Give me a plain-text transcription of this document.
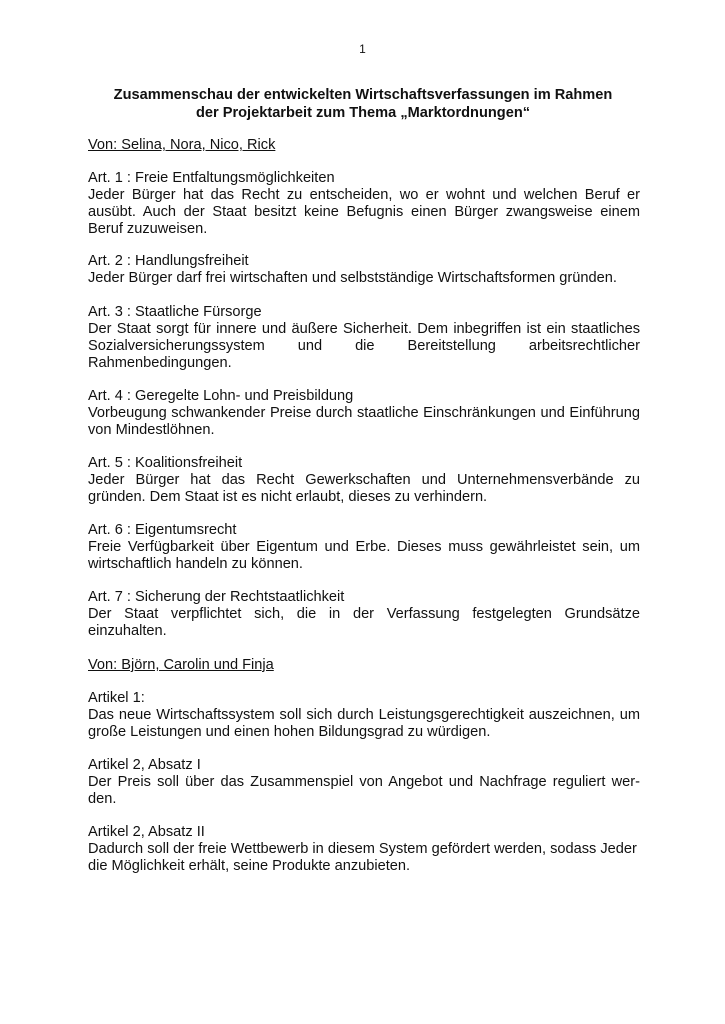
1
Zusammenschau der entwickelten Wirtschaftsverfassungen im Rahmen
der Projektarbeit zum Thema „Marktordnungen“
Von: Selina, Nora, Nico, Rick
Art. 1 : Freie Entfaltungsmöglichkeiten
Jeder Bürger hat das Recht zu entscheiden, wo er wohnt und welchen Beruf er ausübt. Auch der Staat besitzt keine Befugnis einen Bürger zwangsweise einem Beruf zuzuweisen.
Art. 2 : Handlungsfreiheit
Jeder Bürger darf frei wirtschaften und selbstständige Wirtschaftsformen gründen.
Art. 3 : Staatliche Fürsorge
Der Staat sorgt für innere und äußere Sicherheit. Dem inbegriffen ist ein staatliches Sozialversicherungssystem und die Bereitstellung arbeitsrechtlicher Rahmenbedingungen.
Art. 4 : Geregelte Lohn- und Preisbildung
Vorbeugung schwankender Preise durch staatliche Einschränkungen und Einführung von Mindestlöhnen.
Art. 5 : Koalitionsfreiheit
Jeder Bürger hat das Recht Gewerkschaften und Unternehmensverbände zu gründen. Dem Staat ist es nicht erlaubt, dieses zu verhindern.
Art. 6 : Eigentumsrecht
Freie Verfügbarkeit über Eigentum und Erbe. Dieses muss gewährleistet sein, um wirtschaftlich handeln zu können.
Art. 7 : Sicherung der Rechtstaatlichkeit
Der Staat verpflichtet sich, die in der Verfassung festgelegten Grundsätze einzuhalten.
Von: Björn, Carolin und Finja
Artikel 1:
Das neue Wirtschaftssystem soll sich durch Leistungsgerechtigkeit auszeichnen, um große Leistungen und einen hohen Bildungsgrad zu würdigen.
Artikel 2, Absatz I
Der Preis soll über das Zusammenspiel von Angebot und Nachfrage reguliert wer-den.
Artikel 2, Absatz II
Dadurch soll der freie Wettbewerb in diesem System gefördert werden, sodass Jeder die Möglichkeit erhält, seine Produkte anzubieten.
